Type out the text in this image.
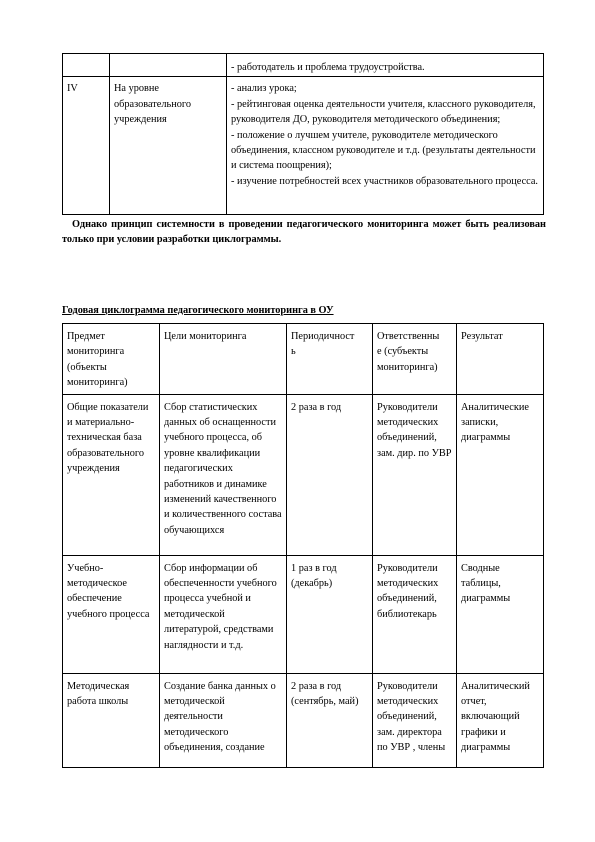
		- работодатель и проблема трудоустройства.

IV	На уровне образовательного учреждения	- анализ урока;
- рейтинговая оценка деятельности учителя, классного руководителя, руководителя ДО, руководителя методического объединения;
- положение о лучшем учителе, руководителе методического объединения, классном руководителе и т.д. (результаты деятельности и система поощрения);
- изучение потребностей всех участников образовательного процесса.
Однако принцип системности в проведении педагогического мониторинга может быть реализован только при условии разработки циклограммы.
Годовая циклограмма педагогического мониторинга в ОУ
Предмет
мониторинга
(объекты
мониторинга)	Цели мониторинга	Периодичност
ь	Ответственны
е (субъекты
мониторинга)	Результат

Общие показатели и материально-техническая база образовательного учреждения	Сбор статистических данных об оснащенности учебного процесса, об уровне квалификации педагогических работников и динамике изменений качественного и количественного состава обучающихся	2 раза в год	Руководители методических объединений, зам. дир. по УВР	Аналитические записки, диаграммы

Учебно-методическое обеспечение учебного процесса	Сбор информации об обеспеченности учебного процесса учебной и методической литературой, средствами наглядности и т.д.	1 раз в год (декабрь)	Руководители методических объединений, библиотекарь	Сводные таблицы, диаграммы

Методическая работа школы	Создание банка данных о методической деятельности методического объединения, создание	2 раза в год (сентябрь, май)	Руководители методических объединений, зам. директора по УВР , члены	Аналитический отчет, включающий графики и диаграммы
